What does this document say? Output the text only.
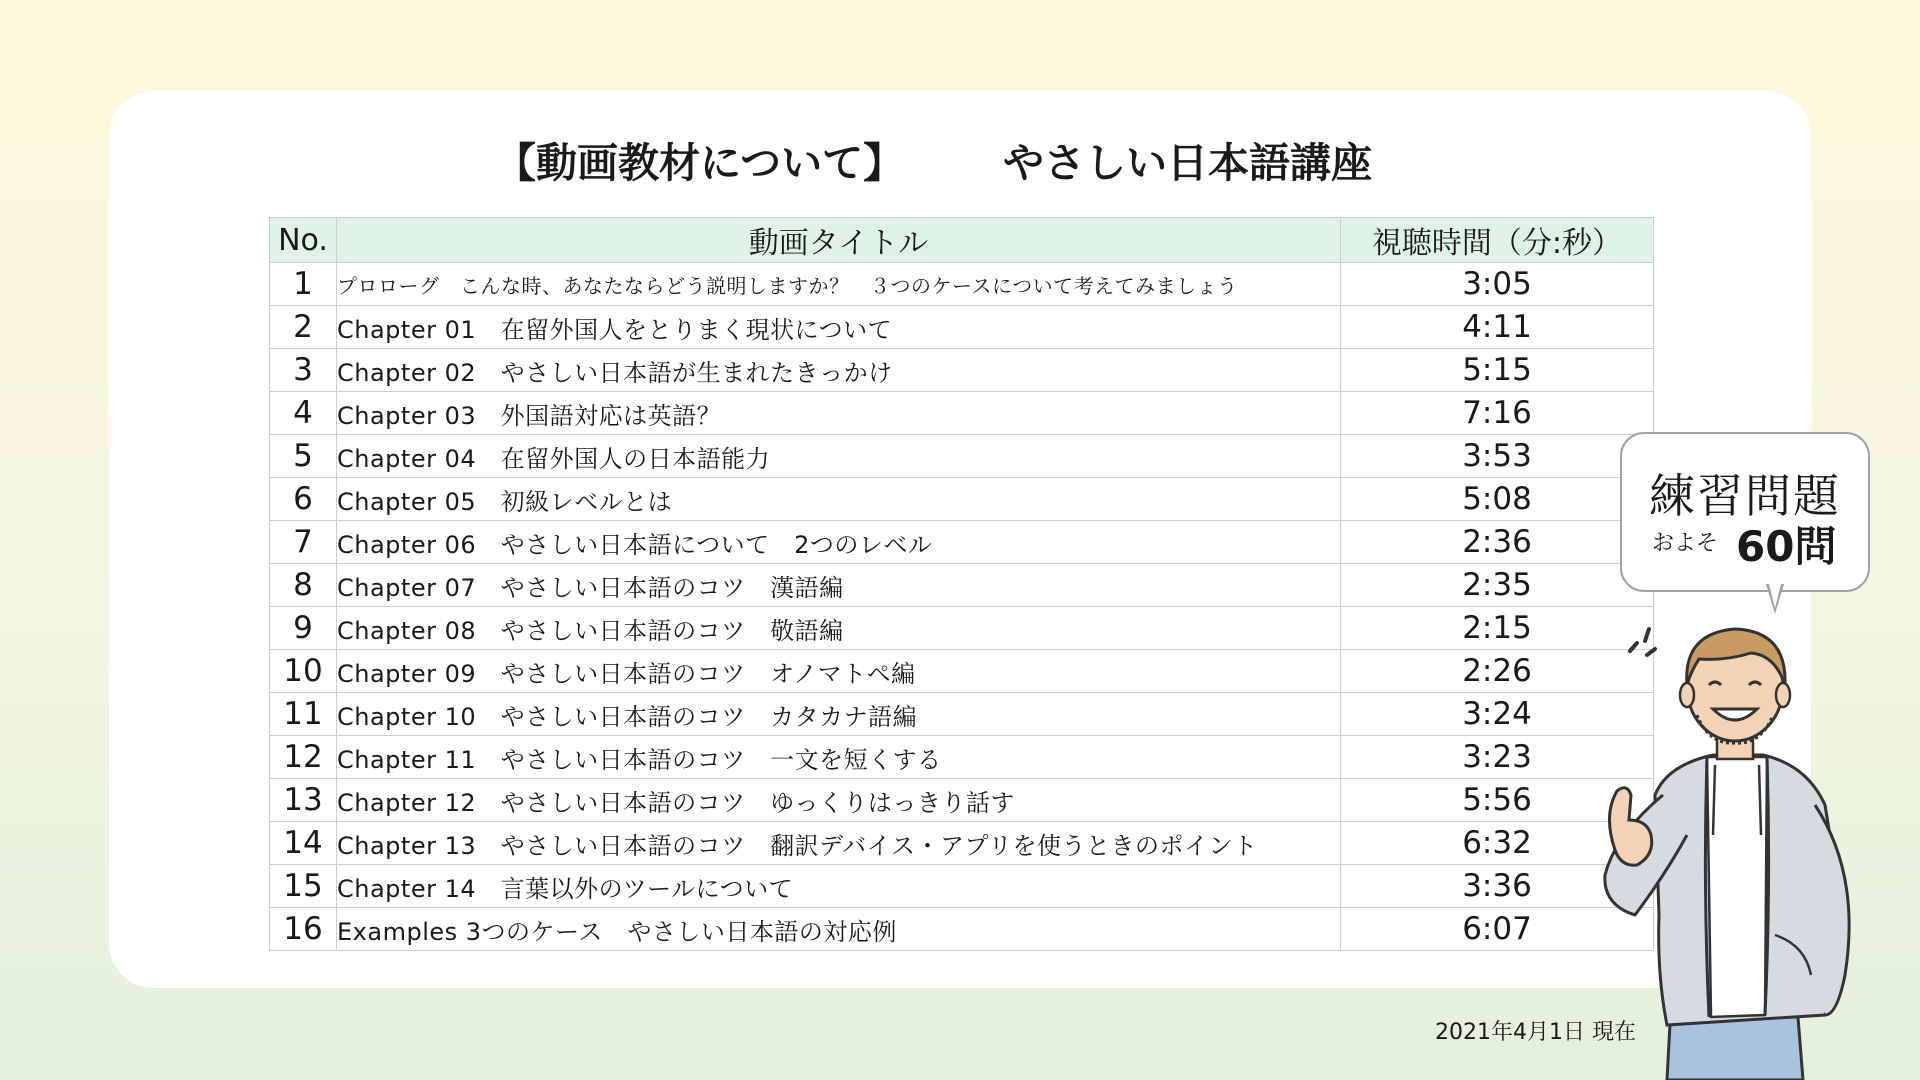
【動画教材について】 やさしい日本語講座
No.	動画タイトル	視聴時間（分:秒）
1	プロローグ　こんな時、あなたならどう説明しますか？　３つのケースについて考えてみましょう	3:05
2	Chapter 01　在留外国人をとりまく現状について	4:11
3	Chapter 02　やさしい日本語が生まれたきっかけ	5:15
4	Chapter 03　外国語対応は英語？	7:16
5	Chapter 04　在留外国人の日本語能力	3:53
6	Chapter 05　初級レベルとは	5:08
7	Chapter 06　やさしい日本語について　2つのレベル	2:36
8	Chapter 07　やさしい日本語のコツ　漢語編	2:35
9	Chapter 08　やさしい日本語のコツ　敬語編	2:15
10	Chapter 09　やさしい日本語のコツ　オノマトペ編	2:26
11	Chapter 10　やさしい日本語のコツ　カタカナ語編	3:24
12	Chapter 11　やさしい日本語のコツ　一文を短くする	3:23
13	Chapter 12　やさしい日本語のコツ　ゆっくりはっきり話す	5:56
14	Chapter 13　やさしい日本語のコツ　翻訳デバイス・アプリを使うときのポイント	6:32
15	Chapter 14　言葉以外のツールについて	3:36
16	Examples 3つのケース　やさしい日本語の対応例	6:07
練習問題
およそ 60問
2021年4月1日 現在
